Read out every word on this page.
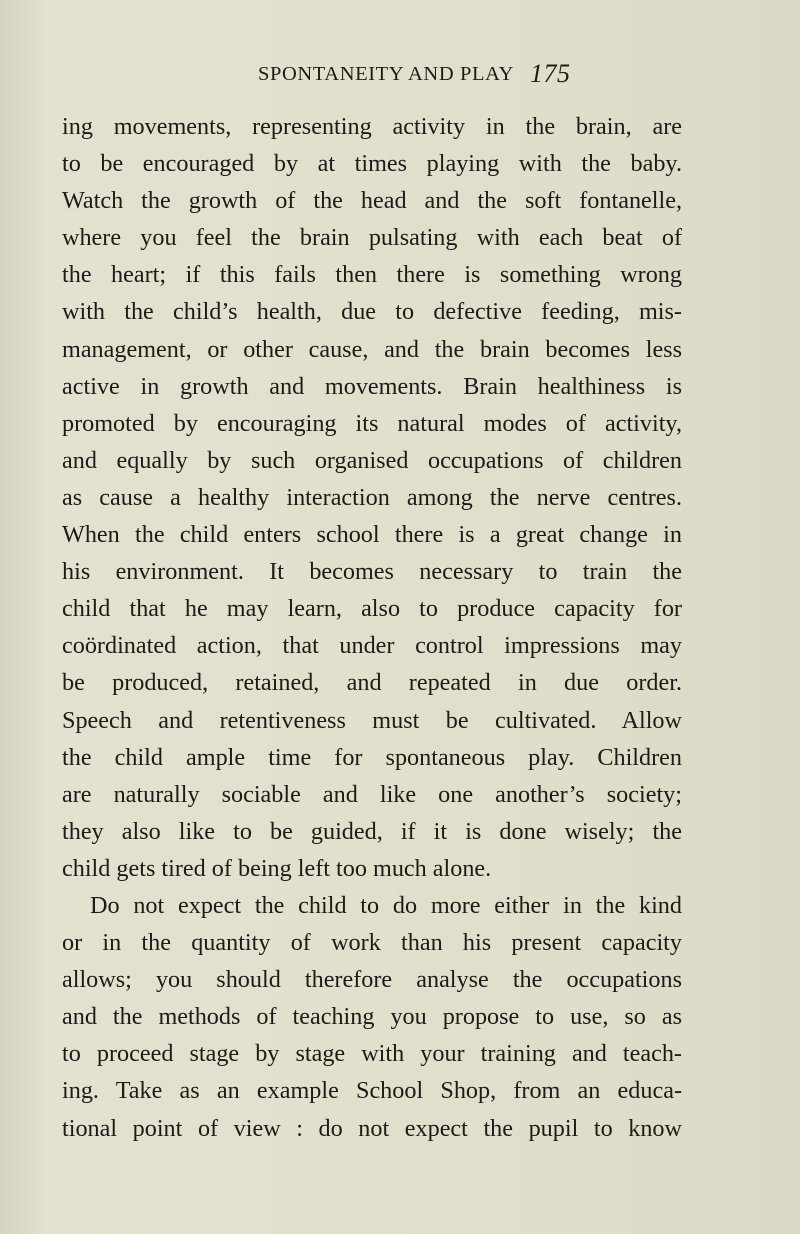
SPONTANEITY AND PLAY 175
ing movements, representing activity in the brain, are
to be encouraged by at times playing with the baby.
Watch the growth of the head and the soft fontanelle,
where you feel the brain pulsating with each beat of
the heart; if this fails then there is something wrong
with the child’s health, due to defective feeding, mis-
management, or other cause, and the brain becomes less
active in growth and movements. Brain healthiness is
promoted by encouraging its natural modes of activity,
and equally by such organised occupations of children
as cause a healthy interaction among the nerve centres.
When the child enters school there is a great change in
his environment. It becomes necessary to train the
child that he may learn, also to produce capacity for
coördinated action, that under control impressions may
be produced, retained, and repeated in due order.
Speech and retentiveness must be cultivated. Allow
the child ample time for spontaneous play. Children
are naturally sociable and like one another’s society;
they also like to be guided, if it is done wisely; the
child gets tired of being left too much alone.
Do not expect the child to do more either in the kind
or in the quantity of work than his present capacity
allows; you should therefore analyse the occupations
and the methods of teaching you propose to use, so as
to proceed stage by stage with your training and teach-
ing. Take as an example School Shop, from an educa-
tional point of view : do not expect the pupil to know
